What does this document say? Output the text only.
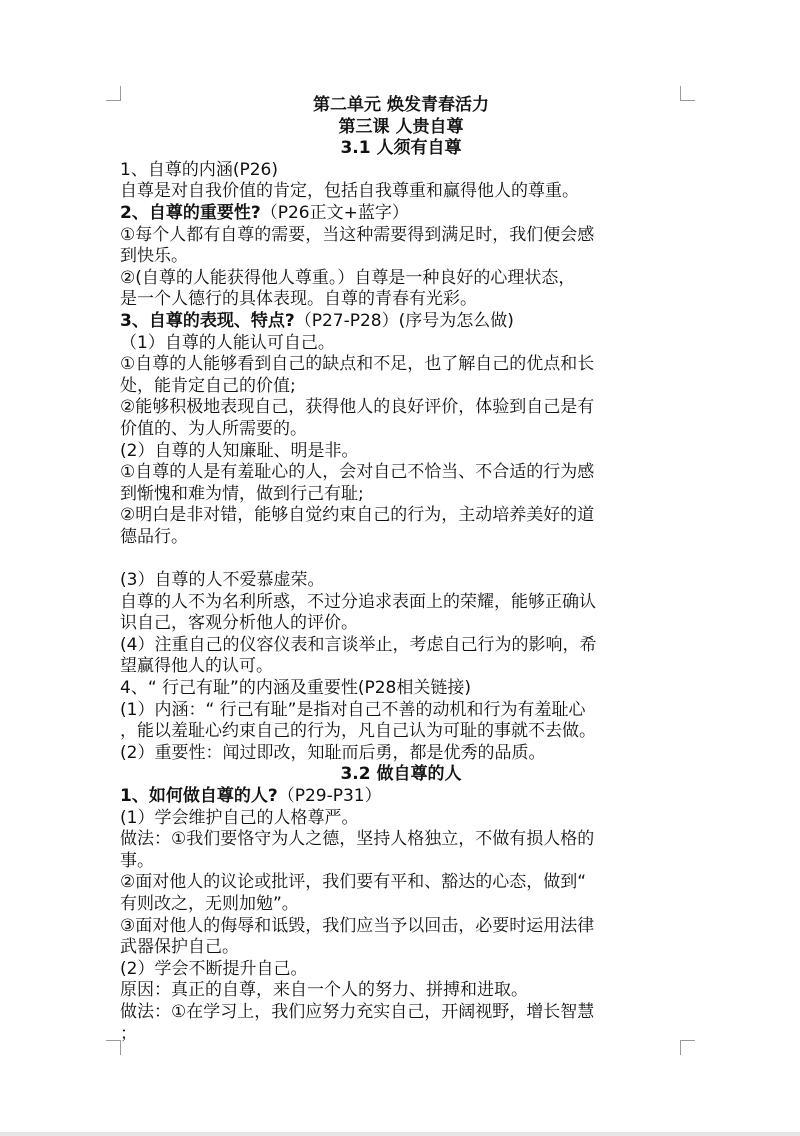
第二单元 焕发青春活力
第三课 人贵自尊
3.1 人须有自尊
1、自尊的内涵(P26)
自尊是对自我价值的肯定，包括自我尊重和赢得他人的尊重。
2、自尊的重要性?（P26正文+蓝字）
①每个人都有自尊的需要，当这种需要得到满足时，我们便会感
到快乐。
②(自尊的人能获得他人尊重。）自尊是一种良好的心理状态，
是一个人德行的具体表现。自尊的青春有光彩。
3、自尊的表现、特点?（P27-P28）(序号为怎么做)
（1）自尊的人能认可自己。
①自尊的人能够看到自己的缺点和不足，也了解自己的优点和长
处，能肯定自己的价值;
②能够积极地表现自己，获得他人的良好评价，体验到自己是有
价值的、为人所需要的。
(2）自尊的人知廉耻、明是非。
①自尊的人是有羞耻心的人，会对自己不恰当、不合适的行为感
到惭愧和难为情，做到行己有耻;
②明白是非对错，能够自觉约束自己的行为，主动培养美好的道
德品行。
(3）自尊的人不爱慕虚荣。
自尊的人不为名利所惑，不过分追求表面上的荣耀，能够正确认
识自己，客观分析他人的评价。
(4）注重自己的仪容仪表和言谈举止，考虑自己行为的影响，希
望赢得他人的认可。
4、“ 行己有耻”的内涵及重要性(P28相关链接)
(1）内涵：“ 行己有耻”是指对自己不善的动机和行为有羞耻心
，能以羞耻心约束自己的行为，凡自己认为可耻的事就不去做。
(2）重要性：闻过即改，知耻而后勇，都是优秀的品质。
3.2 做自尊的人
1、如何做自尊的人?（P29-P31）
(1）学会维护自己的人格尊严。
做法：①我们要恪守为人之德，坚持人格独立，不做有损人格的
事。
②面对他人的议论或批评，我们要有平和、豁达的心态，做到“
有则改之，无则加勉”。
③面对他人的侮辱和诋毁，我们应当予以回击，必要时运用法律
武器保护自己。
(2）学会不断提升自己。
原因：真正的自尊，来自一个人的努力、拼搏和进取。
做法：①在学习上，我们应努力充实自己，开阔视野，增长智慧
；
